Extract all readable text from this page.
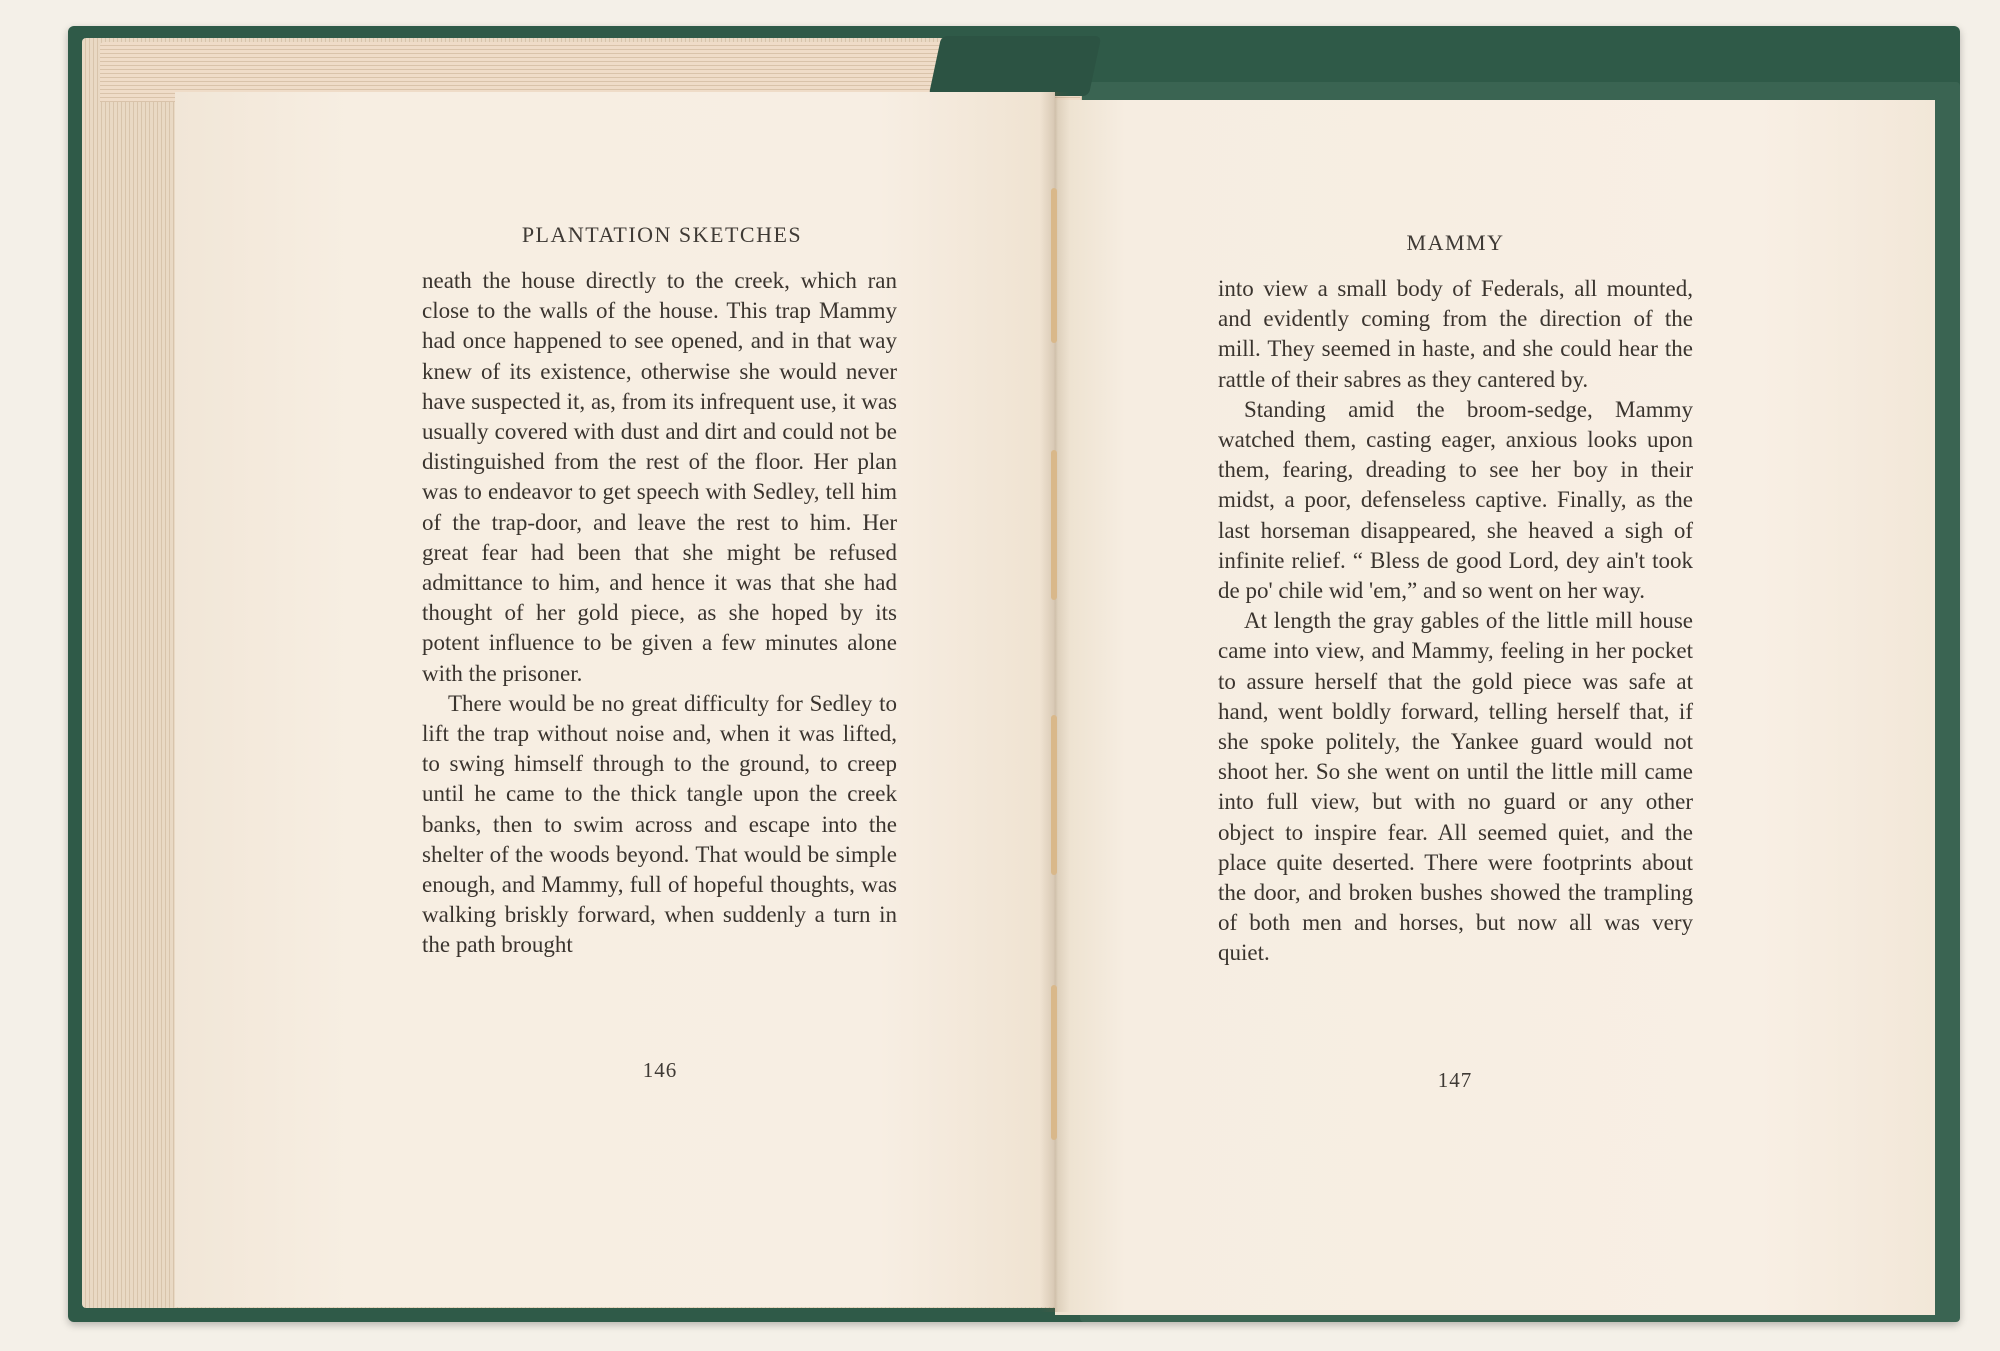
PLANTATION SKETCHES

neath the house directly to the creek, which ran close to the walls of the house. This trap Mammy had once happened to see opened, and in that way knew of its existence, otherwise she would never have suspected it, as, from its infrequent use, it was usually covered with dust and dirt and could not be distinguished from the rest of the floor. Her plan was to endeavor to get speech with Sedley, tell him of the trap-door, and leave the rest to him. Her great fear had been that she might be refused admittance to him, and hence it was that she had thought of her gold piece, as she hoped by its potent influence to be given a few minutes alone with the prisoner.

There would be no great difficulty for Sedley to lift the trap without noise and, when it was lifted, to swing himself through to the ground, to creep until he came to the thick tangle upon the creek banks, then to swim across and escape into the shelter of the woods beyond. That would be simple enough, and Mammy, full of hopeful thoughts, was walking briskly forward, when suddenly a turn in the path brought

146
MAMMY

into view a small body of Federals, all mounted, and evidently coming from the direction of the mill. They seemed in haste, and she could hear the rattle of their sabres as they cantered by.

Standing amid the broom-sedge, Mammy watched them, casting eager, anxious looks upon them, fearing, dreading to see her boy in their midst, a poor, defenseless captive. Finally, as the last horseman disappeared, she heaved a sigh of infinite relief. “ Bless de good Lord, dey ain't took de po' chile wid 'em,” and so went on her way.

At length the gray gables of the little mill house came into view, and Mammy, feeling in her pocket to assure herself that the gold piece was safe at hand, went boldly forward, telling herself that, if she spoke politely, the Yankee guard would not shoot her. So she went on until the little mill came into full view, but with no guard or any other object to inspire fear. All seemed quiet, and the place quite deserted. There were footprints about the door, and broken bushes showed the trampling of both men and horses, but now all was very quiet.

147
